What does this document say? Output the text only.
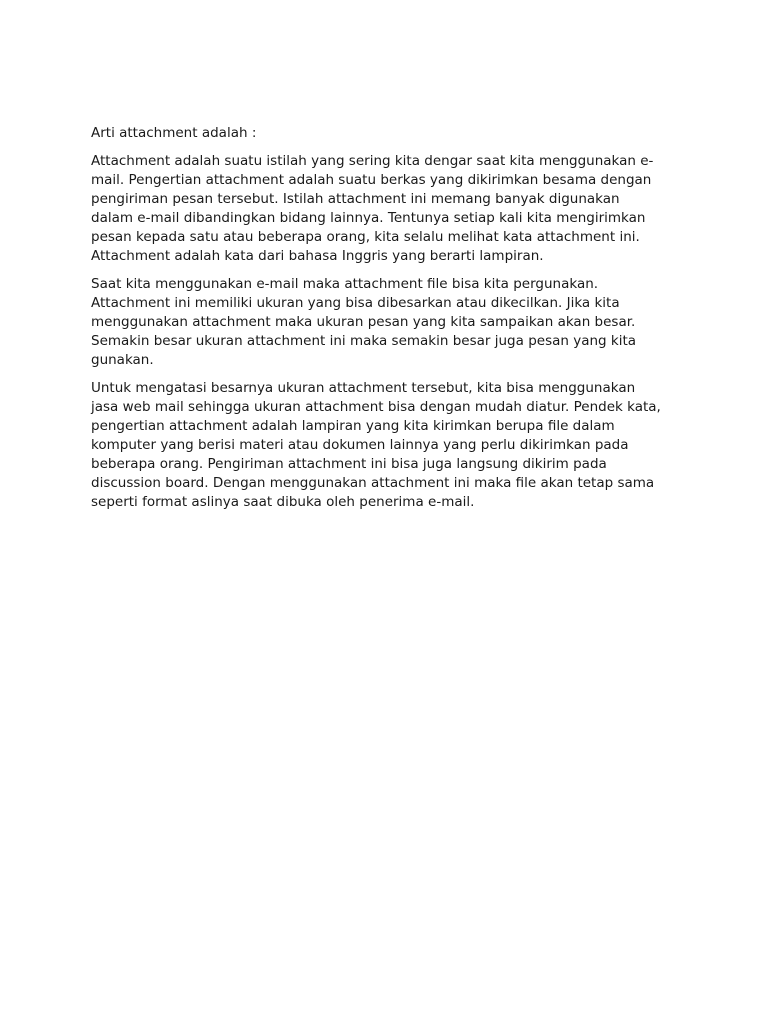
Arti attachment adalah :

Attachment adalah suatu istilah yang sering kita dengar saat kita menggunakan e-
mail. Pengertian attachment adalah suatu berkas yang dikirimkan besama dengan
pengiriman pesan tersebut. Istilah attachment ini memang banyak digunakan
dalam e-mail dibandingkan bidang lainnya. Tentunya setiap kali kita mengirimkan
pesan kepada satu atau beberapa orang, kita selalu melihat kata attachment ini.
Attachment adalah kata dari bahasa Inggris yang berarti lampiran.

Saat kita menggunakan e-mail maka attachment file bisa kita pergunakan.
Attachment ini memiliki ukuran yang bisa dibesarkan atau dikecilkan. Jika kita
menggunakan attachment maka ukuran pesan yang kita sampaikan akan besar.
Semakin besar ukuran attachment ini maka semakin besar juga pesan yang kita
gunakan.

Untuk mengatasi besarnya ukuran attachment tersebut, kita bisa menggunakan
jasa web mail sehingga ukuran attachment bisa dengan mudah diatur. Pendek kata,
pengertian attachment adalah lampiran yang kita kirimkan berupa file dalam
komputer yang berisi materi atau dokumen lainnya yang perlu dikirimkan pada
beberapa orang. Pengiriman attachment ini bisa juga langsung dikirim pada
discussion board. Dengan menggunakan attachment ini maka file akan tetap sama
seperti format aslinya saat dibuka oleh penerima e-mail.
